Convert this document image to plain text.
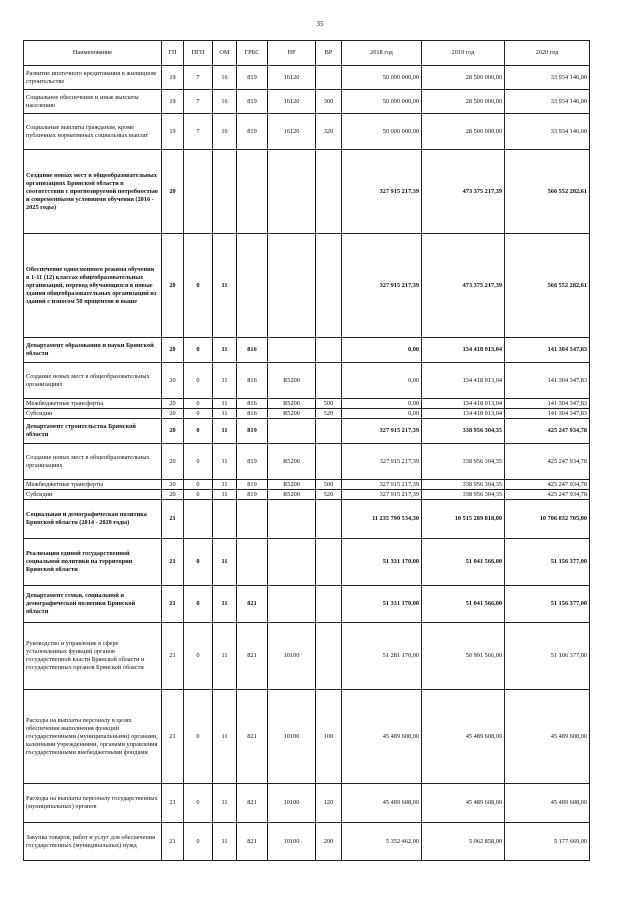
35
Наименование	ГП	ПГП	ОМ	ГРБС	НР	ВР	2018 год	2019 год	2020 год
Развитие ипотечного кредитования в жилищном строительстве	19	7	16	819	16120		50 000 000,00	28 500 000,00	33 934 146,00
Социальное обеспечение и иные выплаты населению	19	7	16	819	16120	300	50 000 000,00	28 500 000,00	33 934 146,00
Социальные выплаты гражданам, кроме публичных нормативных социальных выплат	19	7	16	819	16120	320	50 000 000,00	28 500 000,00	33 934 146,00
Создание новых мест в общеобразовательных организациях Брянской области в соответствии с прогнозируемой потребностью и современными условиями обучения (2016 - 2025 годы)	20						327 915 217,39	473 375 217,39	566 552 282,61
Обеспечение односменного режима обучения в 1-11 (12) классах общеобразовательных организаций, перевод обучающихся в новые здания общеобразовательных организаций из зданий с износом 50 процентов и выше	20	0	11				327 915 217,39	473 375 217,39	566 552 282,61
Департамент образования и науки Брянской области	20	0	11	816			0,00	134 418 913,04	141 304 347,83
Создание новых мест в общеобразовательных организациях	20	0	11	816	R5200		0,00	134 418 913,04	141 304 347,83
Межбюджетные трансферты	20	0	11	816	R5200	500	0,00	134 418 913,04	141 304 347,83
Субсидии	20	0	11	816	R5200	520	0,00	134 418 913,04	141 304 347,83
Департамент строительства Брянской области	20	0	11	819			327 915 217,39	338 956 304,35	425 247 934,78
Создание новых мест в общеобразовательных организациях	20	0	11	819	R5200		327 915 217,39	338 956 304,35	425 247 934,78
Межбюджетные трансферты	20	0	11	819	R5200	500	327 915 217,39	338 956 304,35	425 247 934,78
Субсидии	20	0	11	819	R5200	520	327 915 217,39	338 956 304,35	425 247 934,78
Социальная и демографическая политика Брянской области (2014 - 2020 годы)	21						11 235 790 534,30	10 515 289 818,00	10 706 832 705,00
Реализация единой государственной социальной политики на территории Брянской области	21	0	11				51 331 170,00	51 041 566,00	51 156 377,00
Департамент семьи, социальной и демографической политики Брянской области	21	0	11	821			51 331 170,00	51 041 566,00	51 156 377,00
Руководство и управление в сфере установленных функций органов государственной власти Брянской области и государственных органов Брянской области	21	0	11	821	10100		51 281 170,00	50 991 566,00	51 106 377,00
Расходы на выплаты персоналу в целях обеспечения выполнения функций государственными (муниципальными) органами, казенными учреждениями, органами управления государственными внебюджетными фондами	21	0	11	821	10100	100	45 489 608,00	45 489 608,00	45 489 608,00
Расходы на выплаты персоналу государственных (муниципальных) органов	21	0	11	821	10100	120	45 489 608,00	45 489 608,00	45 489 608,00
Закупка товаров, работ и услуг для обеспечения государственных (муниципальных) нужд	21	0	11	821	10100	200	5 352 462,00	5 062 858,00	5 177 669,00
